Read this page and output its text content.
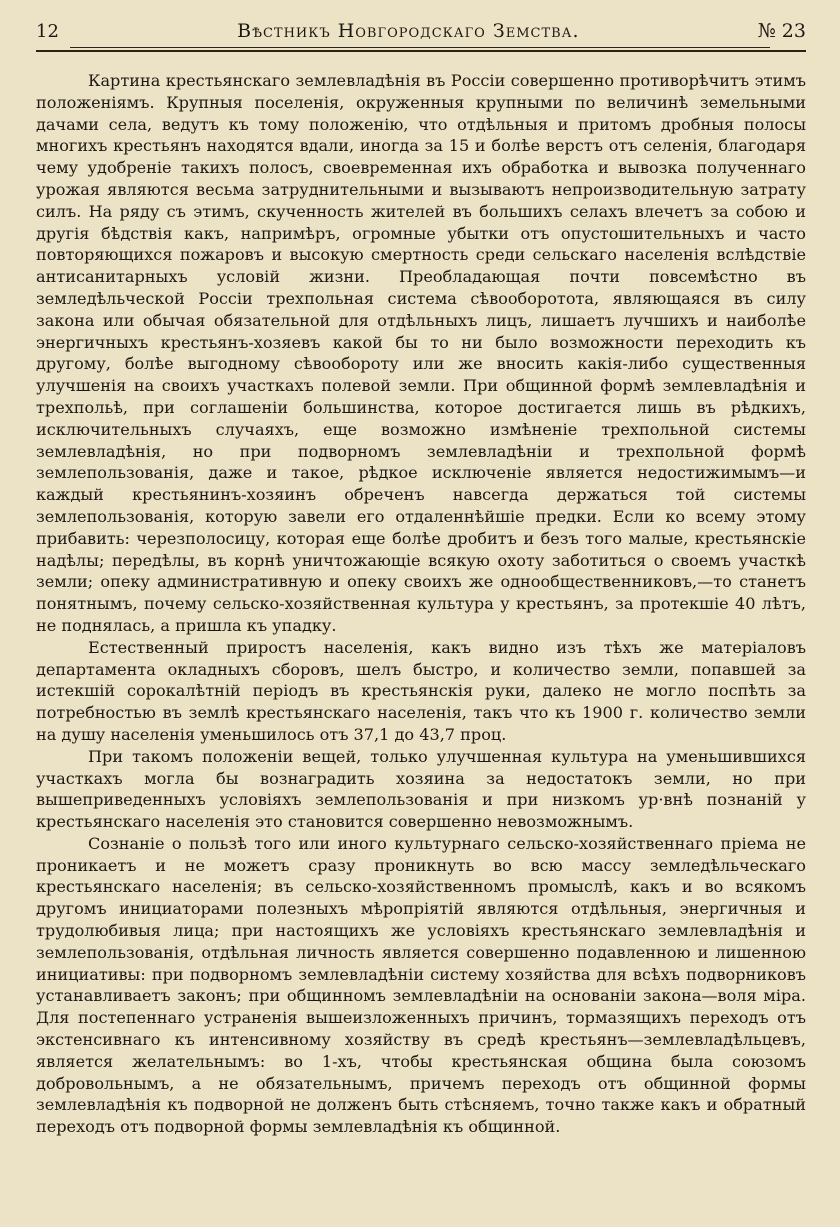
12	Вѣстникъ Новгородскаго Земства.	№ 23

Картина крестьянскаго землевладѣнія въ Россіи совершенно противорѣчитъ этимъ положеніямъ. Крупныя поселенія, окруженныя крупными по величинѣ земельными дачами села, ведутъ къ тому положенію, что отдѣльныя и притомъ дробныя полосы многихъ крестьянъ находятся вдали, иногда за 15 и болѣе верстъ отъ селенія, благодаря чему удобреніе такихъ полосъ, своевременная ихъ обработка и вывозка полученнаго урожая являются весьма затруднительными и вызываютъ непроизводительную затрату силъ. На ряду съ этимъ, скученность жителей въ большихъ селахъ влечетъ за собою и другія бѣдствія какъ, напримѣръ, огромные убытки отъ опустошительныхъ и часто повторяющихся пожаровъ и высокую смертность среди сельскаго населенія вслѣдствіе антисанитарныхъ условій жизни. Преобладающая почти повсемѣстно въ земледѣльческой Россіи трехпольная система сѣвооборотота, являющаяся въ силу закона или обычая обязательной для отдѣльныхъ лицъ, лишаетъ лучшихъ и наиболѣе энергичныхъ крестьянъ-хозяевъ какой бы то ни было возможности переходить къ другому, болѣе выгодному сѣвообороту или же вносить какія-либо существенныя улучшенія на своихъ участкахъ полевой земли. При общинной формѣ землевладѣнія и трехпольѣ, при соглашеніи большинства, которое достигается лишь въ рѣдкихъ, исключительныхъ случаяхъ, еще возможно измѣненіе трехпольной системы землевладѣнія, но при подворномъ землевладѣніи и трехпольной формѣ землепользованія, даже и такое, рѣдкое исключеніе является недостижимымъ—и каждый крестьянинъ-хозяинъ обреченъ навсегда держаться той системы землепользованія, которую завели его отдаленнѣйшіе предки. Если ко всему этому прибавить: черезполосицу, которая еще болѣе дробитъ и безъ того малые, крестьянскіе надѣлы; передѣлы, въ корнѣ уничтожающіе всякую охоту заботиться о своемъ участкѣ земли; опеку административную и опеку своихъ же однообщественниковъ,—то станетъ понятнымъ, почему сельско-хозяйственная культура у крестьянъ, за протекшіе 40 лѣтъ, не поднялась, а пришла къ упадку.

Естественный приростъ населенія, какъ видно изъ тѣхъ же матеріаловъ департамента окладныхъ сборовъ, шелъ быстро, и количество земли, попавшей за истекшій сорокалѣтній періодъ въ крестьянскія руки, далеко не могло поспѣть за потребностью въ землѣ крестьянскаго населенія, такъ что къ 1900 г. количество земли на душу населенія уменьшилось отъ 37,1 до 43,7 проц.

При такомъ положеніи вещей, только улучшенная культура на уменьшившихся участкахъ могла бы вознаградить хозяина за недостатокъ земли, но при вышеприведенныхъ условіяхъ землепользованія и при низкомъ ур·внѣ познаній у крестьянскаго населенія это становится совершенно невозможнымъ.

Сознаніе о пользѣ того или иного культурнаго сельско-хозяйственнаго пріема не проникаетъ и не можетъ сразу проникнуть во всю массу земледѣльческаго крестьянскаго населенія; въ сельско-хозяйственномъ промыслѣ, какъ и во всякомъ другомъ инициаторами полезныхъ мѣропріятій являются отдѣльныя, энергичныя и трудолюбивыя лица; при настоящихъ же условіяхъ крестьянскаго землевладѣнія и землепользованія, отдѣльная личность является совершенно подавленною и лишенною инициативы: при подворномъ землевладѣніи систему хозяйства для всѣхъ подворниковъ устанавливаетъ законъ; при общинномъ землевладѣніи на основаніи закона—воля міра. Для постепеннаго устраненія вышеизложенныхъ причинъ, тормазящихъ переходъ отъ экстенсивнаго къ интенсивному хозяйству въ средѣ крестьянъ—землевладѣльцевъ, является желательнымъ: во 1-хъ, чтобы крестьянская община была союзомъ добровольнымъ, а не обязательнымъ, причемъ переходъ отъ общинной формы землевладѣнія къ подворной не долженъ быть стѣсняемъ, точно также какъ и обратный переходъ отъ подворной формы землевладѣнія къ общинной.
